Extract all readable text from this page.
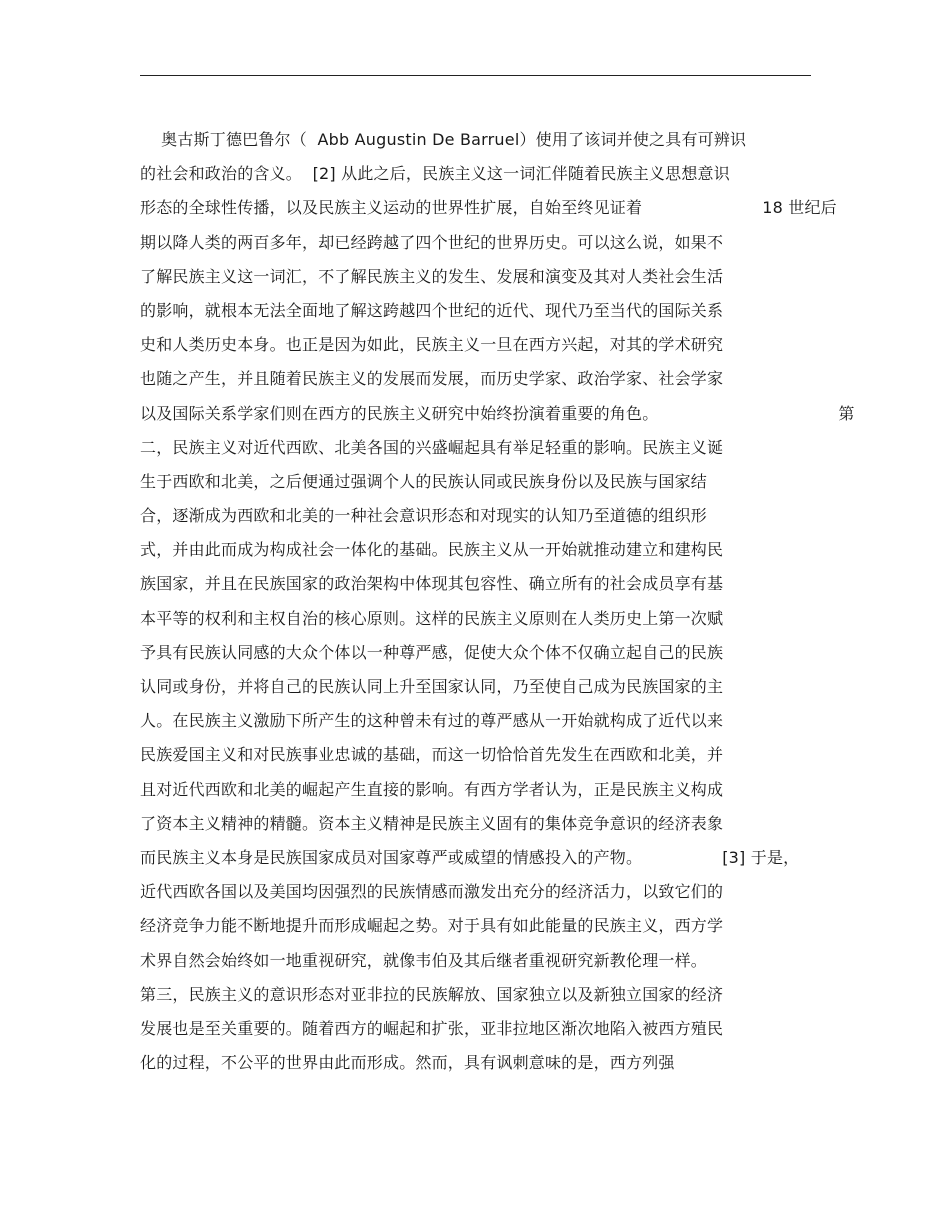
奥古斯丁德巴鲁尔（  Abb Augustin De Barruel）使用了该词并使之具有可辨识
的社会和政治的含义。  [2] 从此之后，民族主义这一词汇伴随着民族主义思想意识
形态的全球性传播，以及民族主义运动的世界性扩展，自始至终见证着	18 世纪后
期以降人类的两百多年，却已经跨越了四个世纪的世界历史。可以这么说，如果不
了解民族主义这一词汇，不了解民族主义的发生、发展和演变及其对人类社会生活
的影响，就根本无法全面地了解这跨越四个世纪的近代、现代乃至当代的国际关系
史和人类历史本身。也正是因为如此，民族主义一旦在西方兴起，对其的学术研究
也随之产生，并且随着民族主义的发展而发展，而历史学家、政治学家、社会学家
以及国际关系学家们则在西方的民族主义研究中始终扮演着重要的角色。	第
二，民族主义对近代西欧、北美各国的兴盛崛起具有举足轻重的影响。民族主义诞
生于西欧和北美，之后便通过强调个人的民族认同或民族身份以及民族与国家结
合，逐渐成为西欧和北美的一种社会意识形态和对现实的认知乃至道德的组织形
式，并由此而成为构成社会一体化的基础。民族主义从一开始就推动建立和建构民
族国家，并且在民族国家的政治架构中体现其包容性、确立所有的社会成员享有基
本平等的权利和主权自治的核心原则。这样的民族主义原则在人类历史上第一次赋
予具有民族认同感的大众个体以一种尊严感，促使大众个体不仅确立起自己的民族
认同或身份，并将自己的民族认同上升至国家认同，乃至使自己成为民族国家的主
人。在民族主义激励下所产生的这种曾未有过的尊严感从一开始就构成了近代以来
民族爱国主义和对民族事业忠诚的基础，而这一切恰恰首先发生在西欧和北美，并
且对近代西欧和北美的崛起产生直接的影响。有西方学者认为，正是民族主义构成
了资本主义精神的精髓。资本主义精神是民族主义固有的集体竞争意识的经济表象
而民族主义本身是民族国家成员对国家尊严或威望的情感投入的产物。	[3] 于是，
近代西欧各国以及美国均因强烈的民族情感而激发出充分的经济活力，以致它们的
经济竞争力能不断地提升而形成崛起之势。对于具有如此能量的民族主义，西方学
术界自然会始终如一地重视研究，就像韦伯及其后继者重视研究新教伦理一样。
第三，民族主义的意识形态对亚非拉的民族解放、国家独立以及新独立国家的经济
发展也是至关重要的。随着西方的崛起和扩张，亚非拉地区渐次地陷入被西方殖民
化的过程，不公平的世界由此而形成。然而，具有讽刺意味的是，西方列强
